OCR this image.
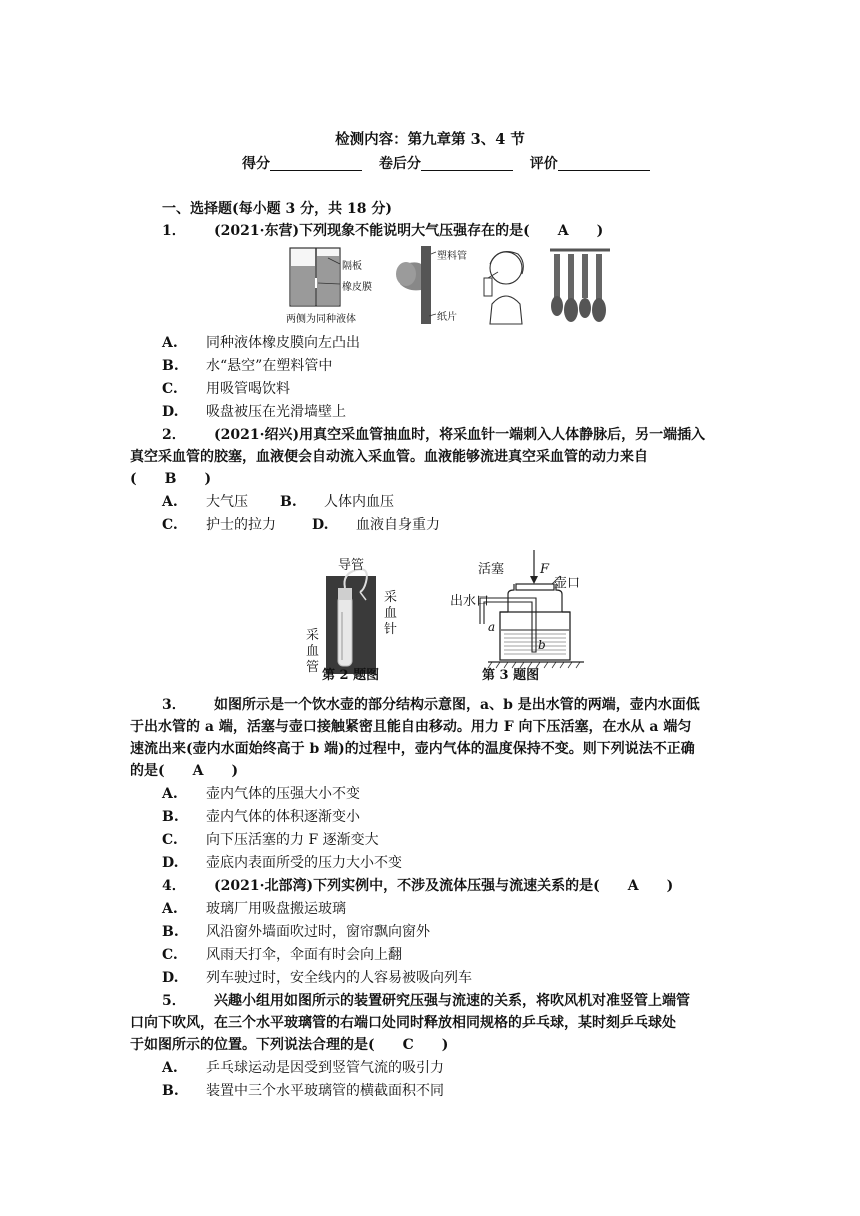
检测内容：第九章第 3、4 节
得分	卷后分	评价
一、选择题(每小题 3 分，共 18 分)
1． (2021·东营)下列现象不能说明大气压强存在的是(　　A　　)
隔板
橡皮膜
两侧为同种液体
塑料管
纸片
A. 同种液体橡皮膜向左凸出
B. 水“悬空”在塑料管中
C. 用吸管喝饮料
D. 吸盘被压在光滑墙壁上
2． (2021·绍兴)用真空采血管抽血时，将采血针一端刺入人体静脉后，另一端插入
真空采血管的胶塞，血液便会自动流入采血管。血液能够流进真空采血管的动力来自
(　　B　　)
A. 大气压 B. 人体内血压
C. 护士的拉力	D. 血液自身重力
导管
采
血
针
采
血
管
第 2 题图
活塞	F
壶口
出水口
a
b
第 3 题图
3． 如图所示是一个饮水壶的部分结构示意图，a、b 是出水管的两端，壶内水面低
于出水管的 a 端，活塞与壶口接触紧密且能自由移动。用力 F 向下压活塞，在水从 a 端匀
速流出来(壶内水面始终高于 b 端)的过程中，壶内气体的温度保持不变。则下列说法不正确
的是(　　A　　)
A. 壶内气体的压强大小不变
B. 壶内气体的体积逐渐变小
C. 向下压活塞的力 F 逐渐变大
D. 壶底内表面所受的压力大小不变
4． (2021·北部湾)下列实例中，不涉及流体压强与流速关系的是(　　A　　)
A. 玻璃厂用吸盘搬运玻璃
B. 风沿窗外墙面吹过时，窗帘飘向窗外
C. 风雨天打伞，伞面有时会向上翻
D. 列车驶过时，安全线内的人容易被吸向列车
5． 兴趣小组用如图所示的装置研究压强与流速的关系，将吹风机对准竖管上端管
口向下吹风，在三个水平玻璃管的右端口处同时释放相同规格的乒乓球，某时刻乒乓球处
于如图所示的位置。下列说法合理的是(　　C　　)
A. 乒乓球运动是因受到竖管气流的吸引力
B. 装置中三个水平玻璃管的横截面积不同
